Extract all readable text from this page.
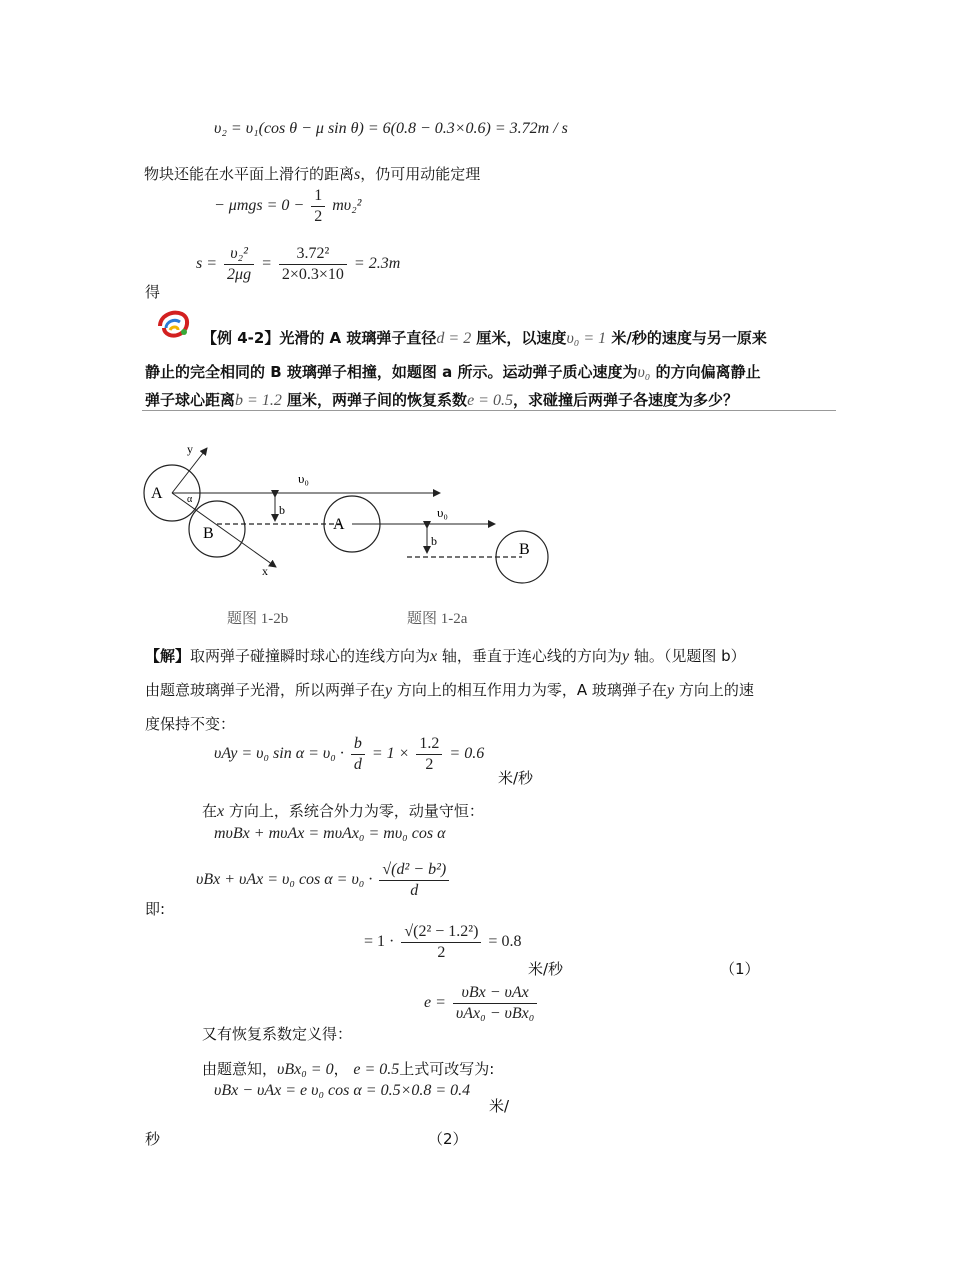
υ₂ = υ₁(cos θ − μ sin θ) = 6(0.8 − 0.3×0.6) = 3.72m / s
物块还能在水平面上滑行的距离s，仍可用动能定理
− $\mu mgs = 0 - \frac{1}{2} m\upsilon_2^2$
得
$s = \frac{\text{υ₂²}}{2\mu g} = \frac{\text{3.72²}}{2\times 0.3\times 10} = 2.3m$
【例 4-2】光滑的 A 玻璃弹子直径d = 2 厘米，以速度υ₀ = 1 米/秒的速度与另一原来
静止的完全相同的 B 玻璃弹子相撞，如题图 a 所示。运动弹子质心速度为υ₀ 的方向偏离静止
弹子球心距离b = 1.2 厘米，两弹子间的恢复系数e = 0.5，求碰撞后两弹子各速度为多少？
A
B
υ₀
y
x
α
b
A
υ₀
B
b
题图 1-2b	题图 1-2a
【解】取两弹子碰撞瞬时球心的连线方向为x 轴，垂直于连心线的方向为y 轴。（见题图 b）
由题意玻璃弹子光滑，所以两弹子在y 方向上的相互作用力为零，A 玻璃弹子在y 方向上的速
度保持不变：
υAy = υ₀ $\sin \alpha = \upsilon_0 \cdot \frac{b}{d} = 1 \times \frac{1.2}{2} = 0.6$
米/秒
在x 方向上，系统合外力为零，动量守恒：
mυBx + mυAx = mυAx₀ = mυ₀ cos α
即:
υBx + υAx = υ₀ $\cos \alpha = \upsilon_0 \cdot \frac{\text{√(d² − b²)}}{d}$
= $1 \cdot \frac{\text{√(2² − 1.2²)}}{2} = 0.8$
米/秒	（1）
$e = \frac{\text{υBx − υAx}}{\text{υAx₀ − υBx₀}}$
又有恢复系数定义得：
由题意知，υBx₀ = 0， e = 0.5上式可改写为:
υBx − υAx = e υ₀ cos α = 0.5×0.8 = 0.4
米/
秒	（2）
